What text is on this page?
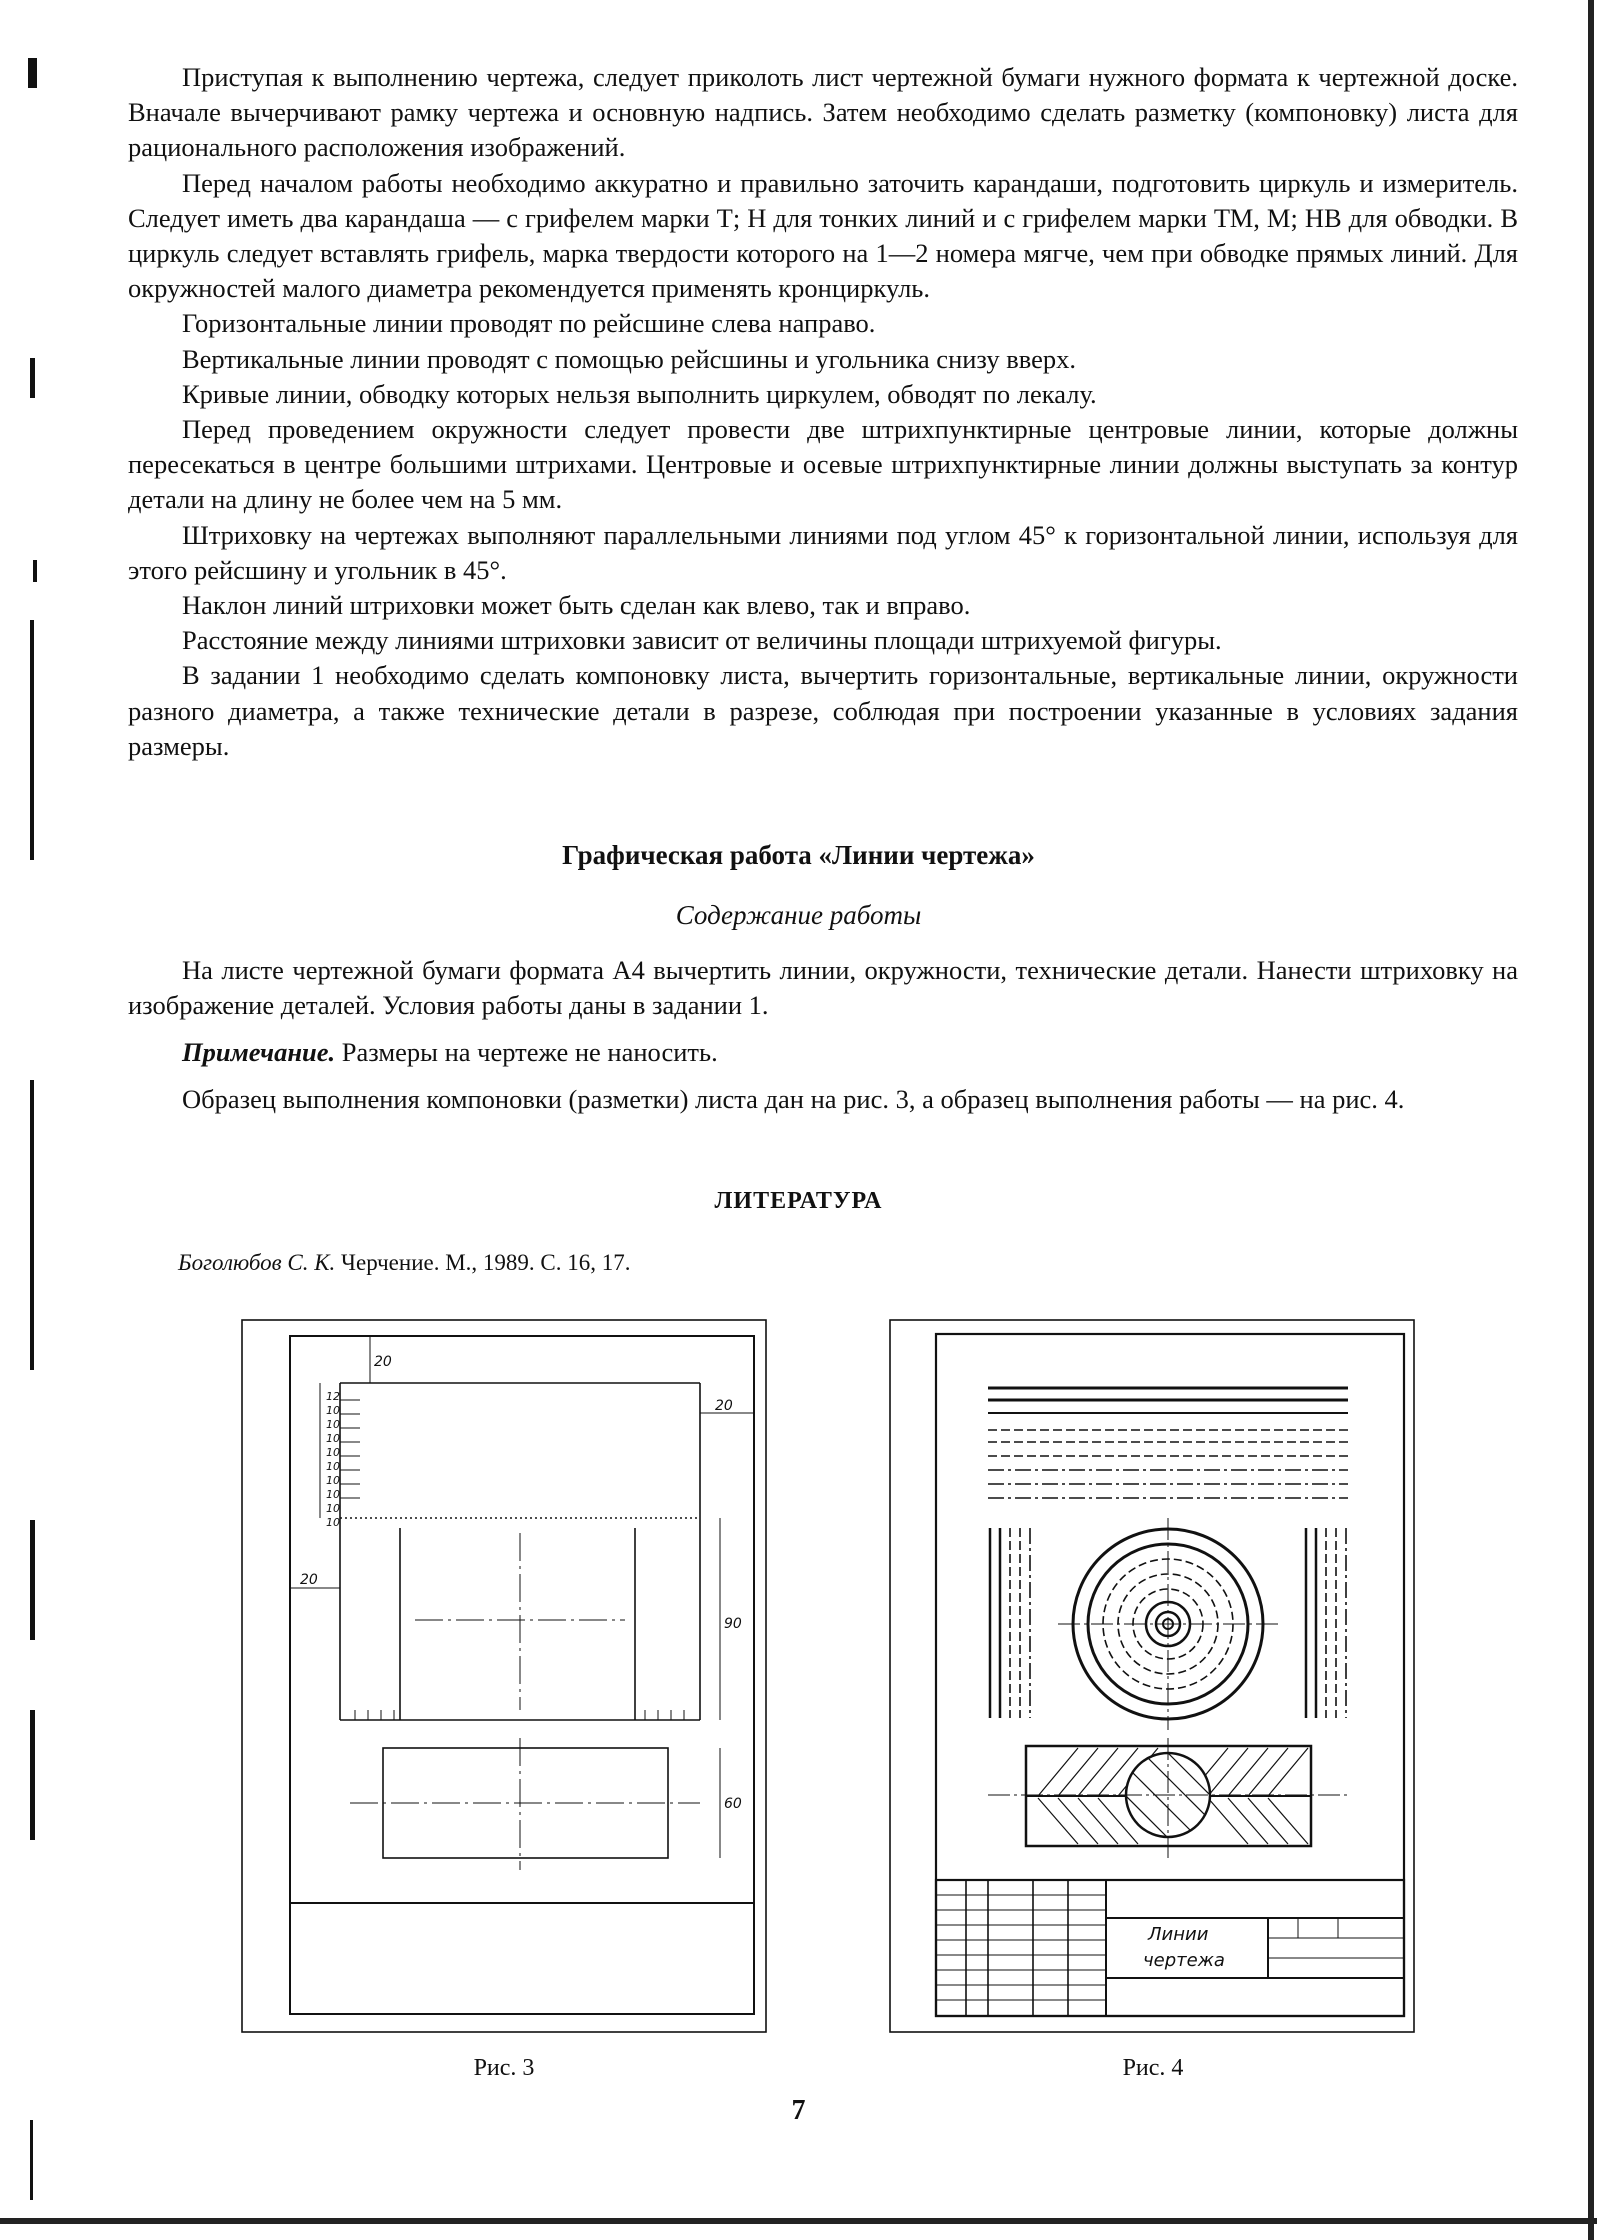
Приступая к выполнению чертежа, следует приколоть лист чертежной бумаги нужного формата к чертежной доске. Вначале вычерчивают рамку чертежа и основную надпись. Затем необходимо сделать разметку (компоновку) листа для рационального расположения изображений.

Перед началом работы необходимо аккуратно и правильно заточить карандаши, подготовить циркуль и измеритель. Следует иметь два карандаша — с грифелем марки Т; H для тонких линий и с грифелем марки ТМ, М; HB для обводки. В циркуль следует вставлять грифель, марка твердости которого на 1—2 номера мягче, чем при обводке прямых линий. Для окружностей малого диаметра рекомендуется применять кронциркуль.

Горизонтальные линии проводят по рейсшине слева направо.

Вертикальные линии проводят с помощью рейсшины и угольника снизу вверх.

Кривые линии, обводку которых нельзя выполнить циркулем, обводят по лекалу.

Перед проведением окружности следует провести две штрихпунктирные центровые линии, которые должны пересекаться в центре большими штрихами. Центровые и осевые штрихпунктирные линии должны выступать за контур детали на длину не более чем на 5 мм.

Штриховку на чертежах выполняют параллельными линиями под углом 45° к горизонтальной линии, используя для этого рейсшину и угольник в 45°.

Наклон линий штриховки может быть сделан как влево, так и вправо.

Расстояние между линиями штриховки зависит от величины площади штрихуемой фигуры.

В задании 1 необходимо сделать компоновку листа, вычертить горизонтальные, вертикальные линии, окружности разного диаметра, а также технические детали в разрезе, соблюдая при построении указанные в условиях задания размеры.

Графическая работа «Линии чертежа»
Содержание работы

На листе чертежной бумаги формата А4 вычертить линии, окружности, технические детали. Нанести штриховку на изображение деталей. Условия работы даны в задании 1.

Примечание. Размеры на чертеже не наносить.

Образец выполнения компоновки (разметки) листа дан на рис. 3, а образец выполнения работы — на рис. 4.

ЛИТЕРАТУРА
Боголюбов С. К. Черчение. М., 1989. С. 16, 17.
20
20
20
90
60
12
10
10
10
10
10
10
10
10
10
Линии
чертежа
Рис. 3	Рис. 4
7
